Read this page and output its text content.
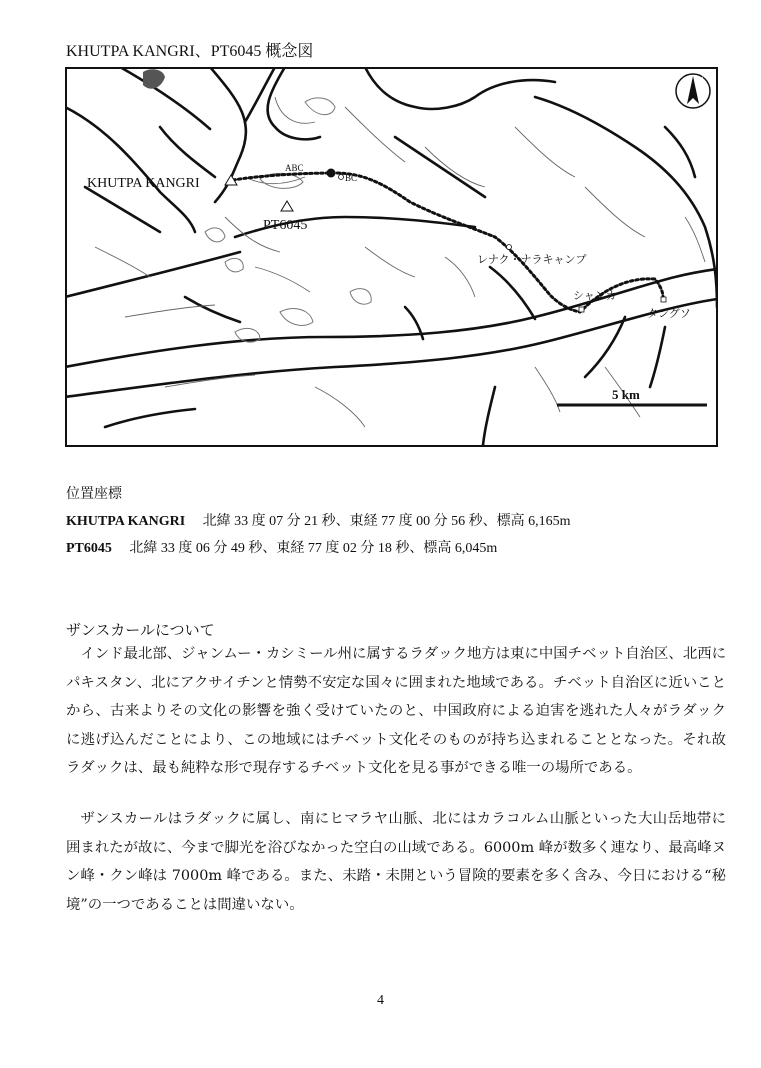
KHUTPA KANGRI、PT6045 概念図
KHUTPA KANGRI
ABC
BC
PT6045
レナク・ナラキャンプ
シャンカ
タングソ
N
5 km
位置座標
KHUTPA KANGRI 北緯 33 度 07 分 21 秒、東経 77 度 00 分 56 秒、標高 6,165m
PT6045 北緯 33 度 06 分 49 秒、東経 77 度 02 分 18 秒、標高 6,045m
ザンスカールについて

インド最北部、ジャンムー・カシミール州に属するラダック地方は東に中国チベット自治区、北西にパキスタン、北にアクサイチンと情勢不安定な国々に囲まれた地域である。チベット自治区に近いことから、古来よりその文化の影響を強く受けていたのと、中国政府による迫害を逃れた人々がラダックに逃げ込んだことにより、この地域にはチベット文化そのものが持ち込まれることとなった。それ故ラダックは、最も純粋な形で現存するチベット文化を見る事ができる唯一の場所である。

ザンスカールはラダックに属し、南にヒマラヤ山脈、北にはカラコルム山脈といった大山岳地帯に囲まれたが故に、今まで脚光を浴びなかった空白の山域である。6000m 峰が数多く連なり、最高峰ヌン峰・クン峰は 7000m 峰である。また、未踏・未開という冒険的要素を多く含み、今日における“秘境”の一つであることは間違いない。

4
